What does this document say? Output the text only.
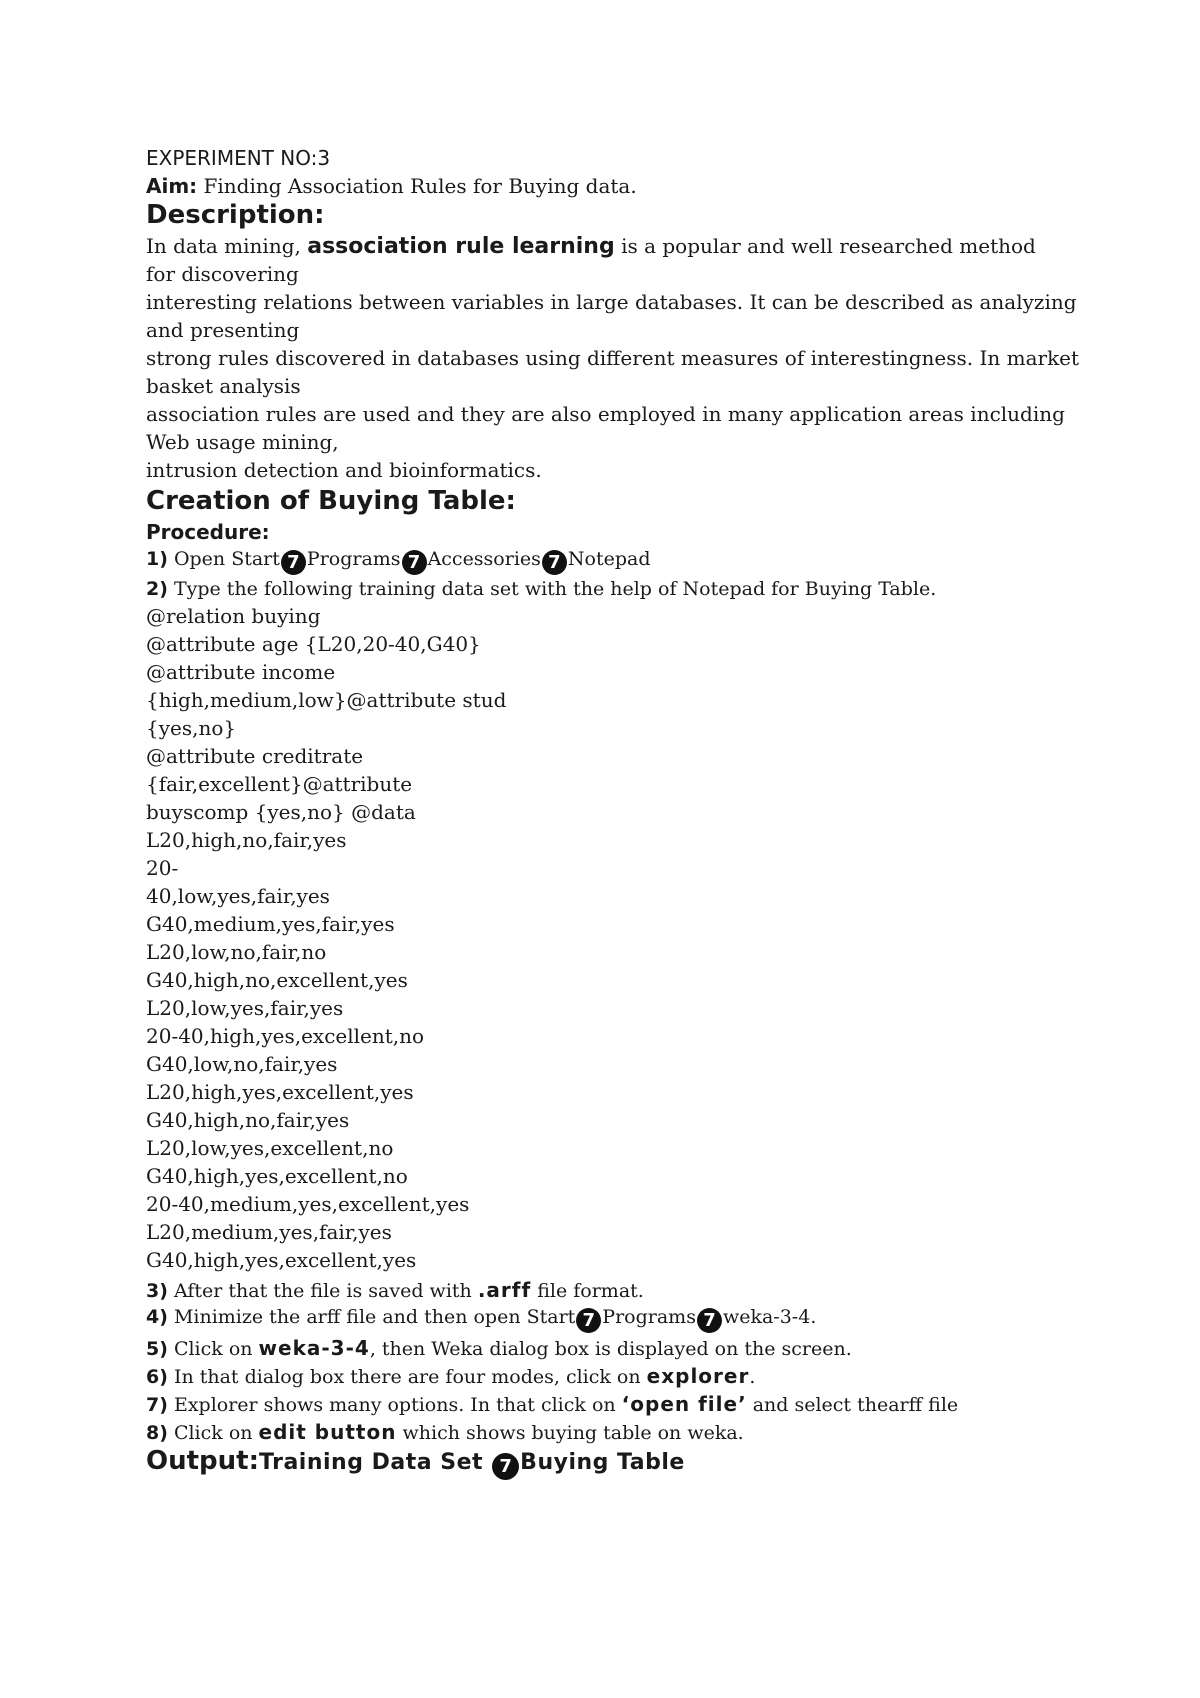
EXPERIMENT NO:3
Aim: Finding Association Rules for Buying data.
Description:
In data mining, association rule learning is a popular and well researched method
for discovering
interesting relations between variables in large databases. It can be described as analyzing
and presenting
strong rules discovered in databases using different measures of interestingness. In market
basket analysis
association rules are used and they are also employed in many application areas including
Web usage mining,
intrusion detection and bioinformatics.
Creation of Buying Table:
Procedure:
1) Open Start 7 Programs 7 Accessories 7 Notepad
2) Type the following training data set with the help of Notepad for Buying Table.
@relation buying
@attribute age {L20,20-40,G40}
@attribute income
{high,medium,low}@attribute stud
{yes,no}
@attribute creditrate
{fair,excellent}@attribute
buyscomp {yes,no} @data
L20,high,no,fair,yes
20-
40,low,yes,fair,yes
G40,medium,yes,fair,yes
L20,low,no,fair,no
G40,high,no,excellent,yes
L20,low,yes,fair,yes
20-40,high,yes,excellent,no
G40,low,no,fair,yes
L20,high,yes,excellent,yes
G40,high,no,fair,yes
L20,low,yes,excellent,no
G40,high,yes,excellent,no
20-40,medium,yes,excellent,yes
L20,medium,yes,fair,yes
G40,high,yes,excellent,yes
3) After that the file is saved with .arff file format.
4) Minimize the arff file and then open Start 7 Programs 7 weka-3-4.
5) Click on weka-3-4, then Weka dialog box is displayed on the screen.
6) In that dialog box there are four modes, click on explorer.
7) Explorer shows many options. In that click on ‘open file’ and select thearff file
8) Click on edit button which shows buying table on weka.
Output:Training Data Set 7 Buying Table
